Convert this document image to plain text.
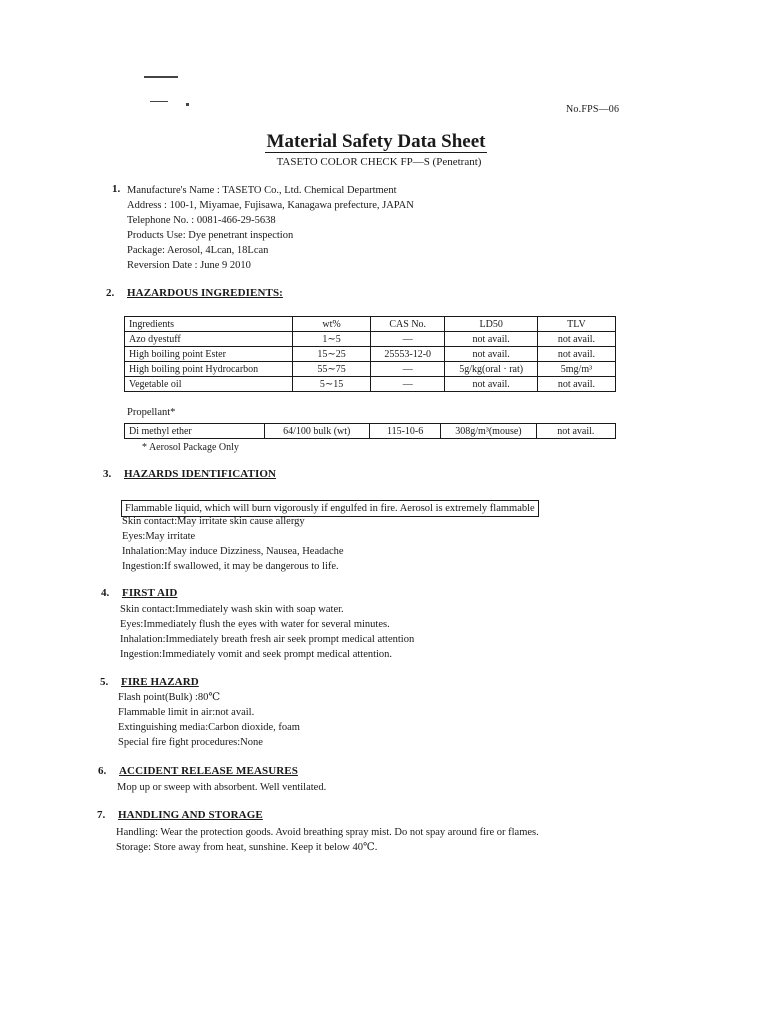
No.FPS—06
Material Safety Data Sheet
TASETO COLOR CHECK FP—S (Penetrant)
1. Manufacture's Name : TASETO Co., Ltd. Chemical Department
Address : 100-1, Miyamae, Fujisawa, Kanagawa prefecture, JAPAN
Telephone No. : 0081-466-29-5638
Products Use: Dye penetrant inspection
Package: Aerosol, 4Lcan, 18Lcan
Reversion Date : June 9 2010
2. HAZARDOUS INGREDIENTS:
Ingredients	wt%	CAS No.	LD50	TLV
Azo dyestuff	1∼5	—	not avail.	not avail.
High boiling point Ester	15∼25	25553-12-0	not avail.	not avail.
High boiling point Hydrocarbon	55∼75	—	5g/kg(oral · rat)	5mg/m³
Vegetable oil	5∼15	—	not avail.	not avail.
Propellant*
Di methyl ether	64/100 bulk (wt)	115-10-6	308g/m³(mouse)	not avail.
* Aerosol Package Only
3. HAZARDS IDENTIFICATION
Flammable liquid, which will burn vigorously if engulfed in fire. Aerosol is extremely flammable
Skin contact:May irritate skin cause allergy
Eyes:May irritate
Inhalation:May induce Dizziness, Nausea, Headache
Ingestion:If swallowed, it may be dangerous to life.
4. FIRST AID
Skin contact:Immediately wash skin with soap water.
Eyes:Immediately flush the eyes with water for several minutes.
Inhalation:Immediately breath fresh air seek prompt medical attention
Ingestion:Immediately vomit and seek prompt medical attention.
5. FIRE HAZARD
Flash point(Bulk) :80℃
Flammable limit in air:not avail.
Extinguishing media:Carbon dioxide, foam
Special fire fight procedures:None
6. ACCIDENT RELEASE MEASURES
Mop up or sweep with absorbent. Well ventilated.
7. HANDLING AND STORAGE
Handling: Wear the protection goods. Avoid breathing spray mist. Do not spay around fire or flames.
Storage: Store away from heat, sunshine. Keep it below 40℃.
